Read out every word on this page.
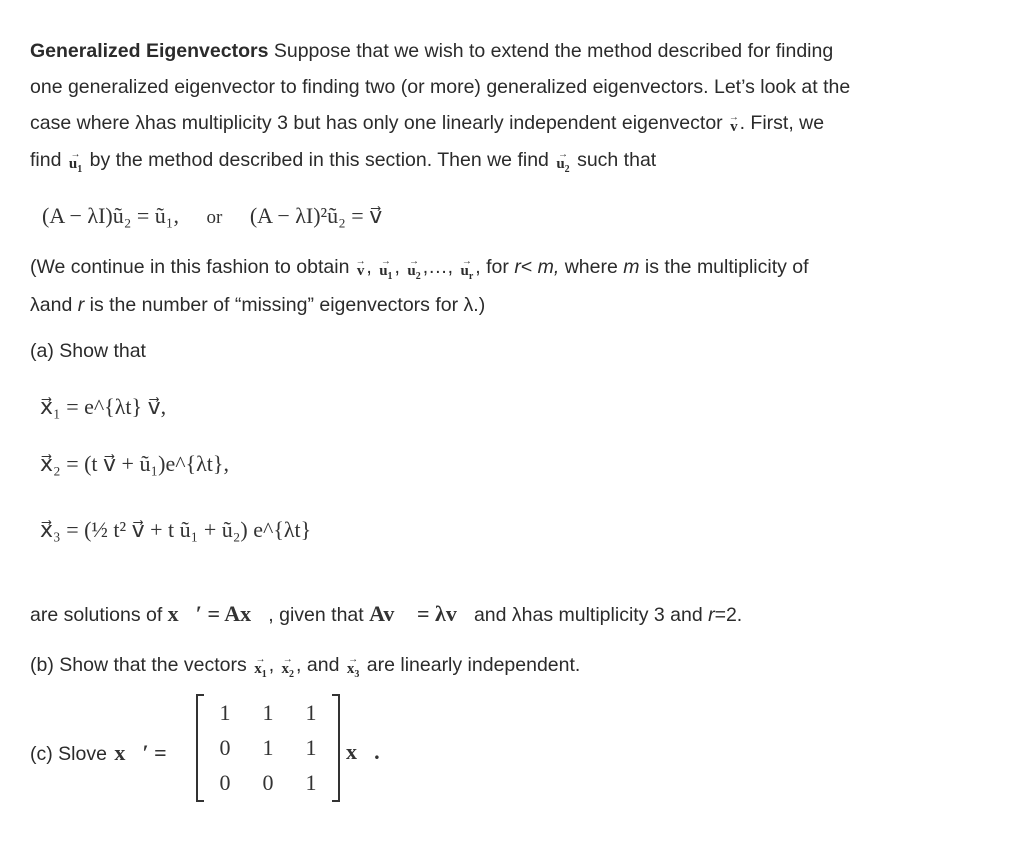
Generalized Eigenvectors Suppose that we wish to extend the method described for finding
one generalized eigenvector to finding two (or more) generalized eigenvectors. Let’s look at the
case where λhas multiplicity 3 but has only one linearly independent eigenvector → v . First, we
find → $u_1$ by the method described in this section. Then we find → $u_2$ such that
(A − λI)ũ₂ = ũ₁, or (A − λI)²ũ₂ = v⃗
(We continue in this fashion to obtain → v , → $u_1$ , → $u_2$ ,…, → $u_r$ , for r< m, where m is the multiplicity of
λand r is the number of “missing” eigenvectors for λ.)
(a) Show that
x⃗₁ = e^{λt} v⃗,
x⃗₂ = (t v⃗ + ũ₁)e^{λt},
x⃗₃ = (½ t² v⃗ + t ũ₁ + ũ₂) e^{λt}
are solutions of x⃗′ = Ax⃗, given that Av⃗ = λv⃗and λhas multiplicity 3 and r=2.
(b) Show that the vectors → $x_1$ , → $x_2$ , and → $x_3$ are linearly independent.
(c) Slove x⃗′ =
1	1	1
0	1	1
0	0	1
x⃗.
